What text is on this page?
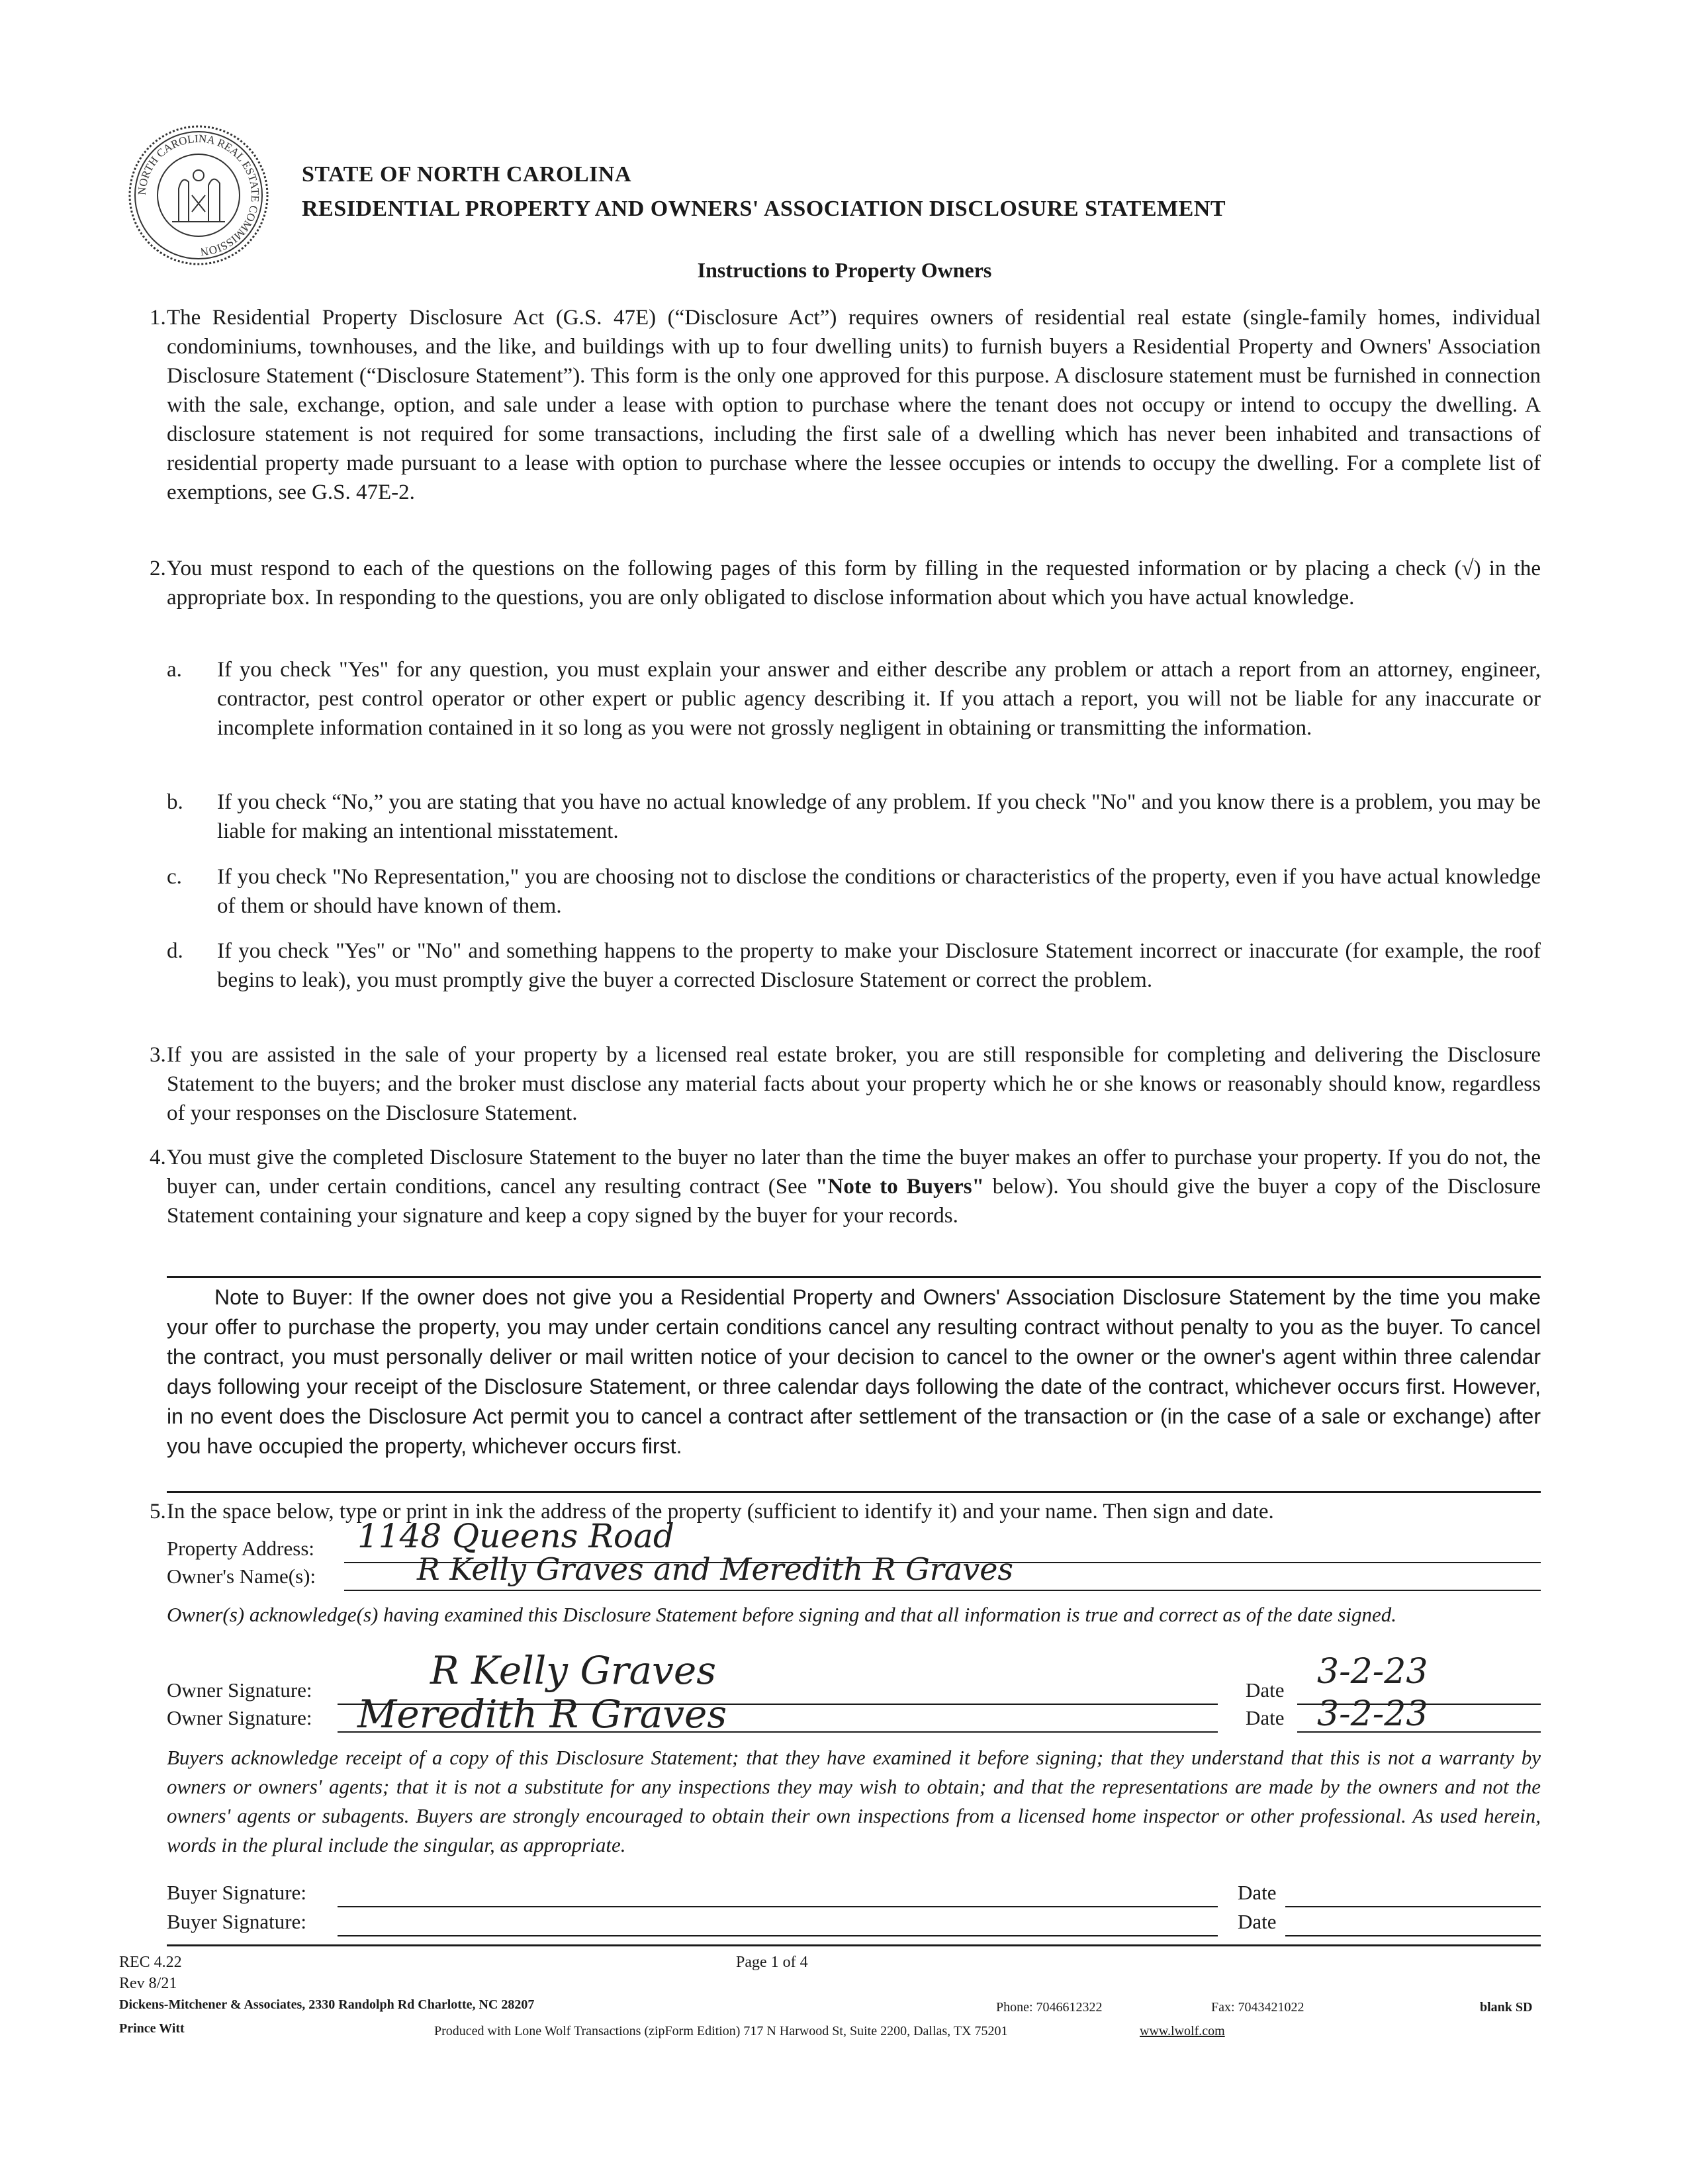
NORTH CAROLINA REAL ESTATE COMMISSION
STATE OF NORTH CAROLINA
RESIDENTIAL PROPERTY AND OWNERS' ASSOCIATION DISCLOSURE STATEMENT
Instructions to Property Owners
1. The Residential Property Disclosure Act (G.S. 47E) (“Disclosure Act”) requires owners of residential real estate (single-family homes, individual condominiums, townhouses, and the like, and buildings with up to four dwelling units) to furnish buyers a Residential Property and Owners' Association Disclosure Statement (“Disclosure Statement”). This form is the only one approved for this purpose. A disclosure statement must be furnished in connection with the sale, exchange, option, and sale under a lease with option to purchase where the tenant does not occupy or intend to occupy the dwelling. A disclosure statement is not required for some transactions, including the first sale of a dwelling which has never been inhabited and transactions of residential property made pursuant to a lease with option to purchase where the lessee occupies or intends to occupy the dwelling. For a complete list of exemptions, see G.S. 47E-2.
2. You must respond to each of the questions on the following pages of this form by filling in the requested information or by placing a check (√) in the appropriate box. In responding to the questions, you are only obligated to disclose information about which you have actual knowledge.
a. If you check "Yes" for any question, you must explain your answer and either describe any problem or attach a report from an attorney, engineer, contractor, pest control operator or other expert or public agency describing it. If you attach a report, you will not be liable for any inaccurate or incomplete information contained in it so long as you were not grossly negligent in obtaining or transmitting the information.
b. If you check “No,” you are stating that you have no actual knowledge of any problem. If you check "No" and you know there is a problem, you may be liable for making an intentional misstatement.
c. If you check "No Representation," you are choosing not to disclose the conditions or characteristics of the property, even if you have actual knowledge of them or should have known of them.
d. If you check "Yes" or "No" and something happens to the property to make your Disclosure Statement incorrect or inaccurate (for example, the roof begins to leak), you must promptly give the buyer a corrected Disclosure Statement or correct the problem.
3. If you are assisted in the sale of your property by a licensed real estate broker, you are still responsible for completing and delivering the Disclosure Statement to the buyers; and the broker must disclose any material facts about your property which he or she knows or reasonably should know, regardless of your responses on the Disclosure Statement.
4. You must give the completed Disclosure Statement to the buyer no later than the time the buyer makes an offer to purchase your property. If you do not, the buyer can, under certain conditions, cancel any resulting contract (See "Note to Buyers" below). You should give the buyer a copy of the Disclosure Statement containing your signature and keep a copy signed by the buyer for your records.
Note to Buyer: If the owner does not give you a Residential Property and Owners' Association Disclosure Statement by the time you make your offer to purchase the property, you may under certain conditions cancel any resulting contract without penalty to you as the buyer. To cancel the contract, you must personally deliver or mail written notice of your decision to cancel to the owner or the owner's agent within three calendar days following your receipt of the Disclosure Statement, or three calendar days following the date of the contract, whichever occurs first. However, in no event does the Disclosure Act permit you to cancel a contract after settlement of the transaction or (in the case of a sale or exchange) after you have occupied the property, whichever occurs first.
5. In the space below, type or print in ink the address of the property (sufficient to identify it) and your name. Then sign and date.
Property Address: 1148 Queens Road
Owner's Name(s):	R Kelly Graves and Meredith R Graves
Owner(s) acknowledge(s) having examined this Disclosure Statement before signing and that all information is true and correct as of the date signed.
Owner Signature:	R Kelly Graves	Date 3-2-23
Owner Signature: Meredith R Graves	Date 3-2-23
Buyers acknowledge receipt of a copy of this Disclosure Statement; that they have examined it before signing; that they understand that this is not a warranty by owners or owners' agents; that it is not a substitute for any inspections they may wish to obtain; and that the representations are made by the owners and not the owners' agents or subagents. Buyers are strongly encouraged to obtain their own inspections from a licensed home inspector or other professional. As used herein, words in the plural include the singular, as appropriate.
Buyer Signature:	Date
Buyer Signature:	Date
REC 4.22
Rev 8/21
Page 1 of 4
Dickens-Mitchener & Associates, 2330 Randolph Rd Charlotte, NC 28207	Phone: 7046612322	Fax: 7043421022	blank SD
Prince Witt	Produced with Lone Wolf Transactions (zipForm Edition) 717 N Harwood St, Suite 2200, Dallas, TX 75201	www.lwolf.com
